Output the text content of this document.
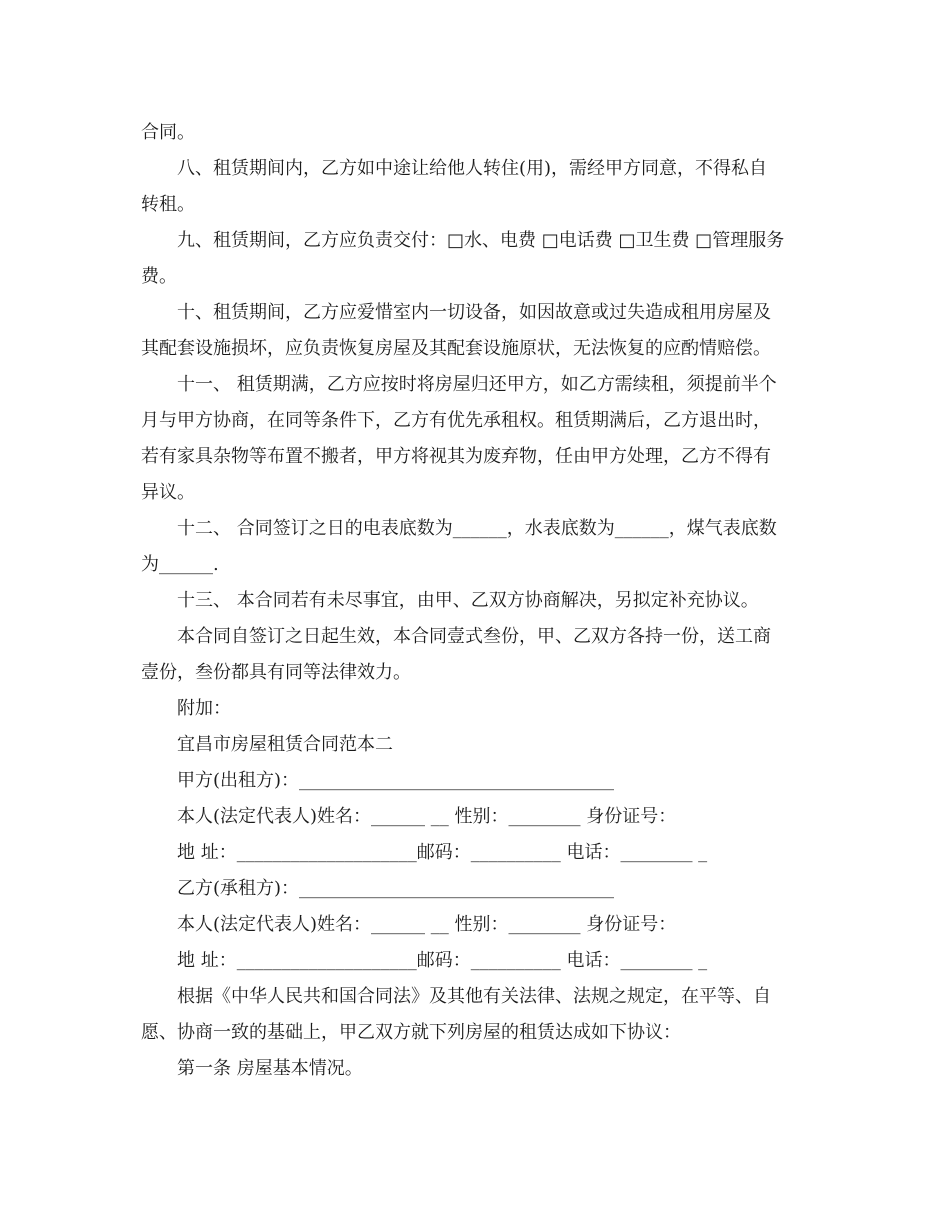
合同。
八、租赁期间内，乙方如中途让给他人转住(用)，需经甲方同意，不得私自
转租。
九、租赁期间，乙方应负责交付：□水、电费 □电话费 □卫生费 □管理服务
费。
十、租赁期间，乙方应爱惜室内一切设备，如因故意或过失造成租用房屋及
其配套设施损坏，应负责恢复房屋及其配套设施原状，无法恢复的应酌情赔偿。
十一、 租赁期满，乙方应按时将房屋归还甲方，如乙方需续租，须提前半个
月与甲方协商，在同等条件下，乙方有优先承租权。租赁期满后，乙方退出时，
若有家具杂物等布置不搬者，甲方将视其为废弃物，任由甲方处理，乙方不得有
异议。
十二、 合同签订之日的电表底数为______，水表底数为______，煤气表底数
为______.
十三、 本合同若有未尽事宜，由甲、乙双方协商解决，另拟定补充协议。
本合同自签订之日起生效，本合同壹式叁份，甲、乙双方各持一份，送工商
壹份，叁份都具有同等法律效力。
附加：
宜昌市房屋租赁合同范本二
甲方(出租方)：___________________________________
本人(法定代表人)姓名：______ __ 性别：________ 身份证号：
地 址：____________________邮码：__________ 电话：________ _
乙方(承租方)：___________________________________
本人(法定代表人)姓名：______ __ 性别：________ 身份证号：
地 址：____________________邮码：__________ 电话：________ _
根据《中华人民共和国合同法》及其他有关法律、法规之规定，在平等、自
愿、协商一致的基础上，甲乙双方就下列房屋的租赁达成如下协议：
第一条 房屋基本情况。
